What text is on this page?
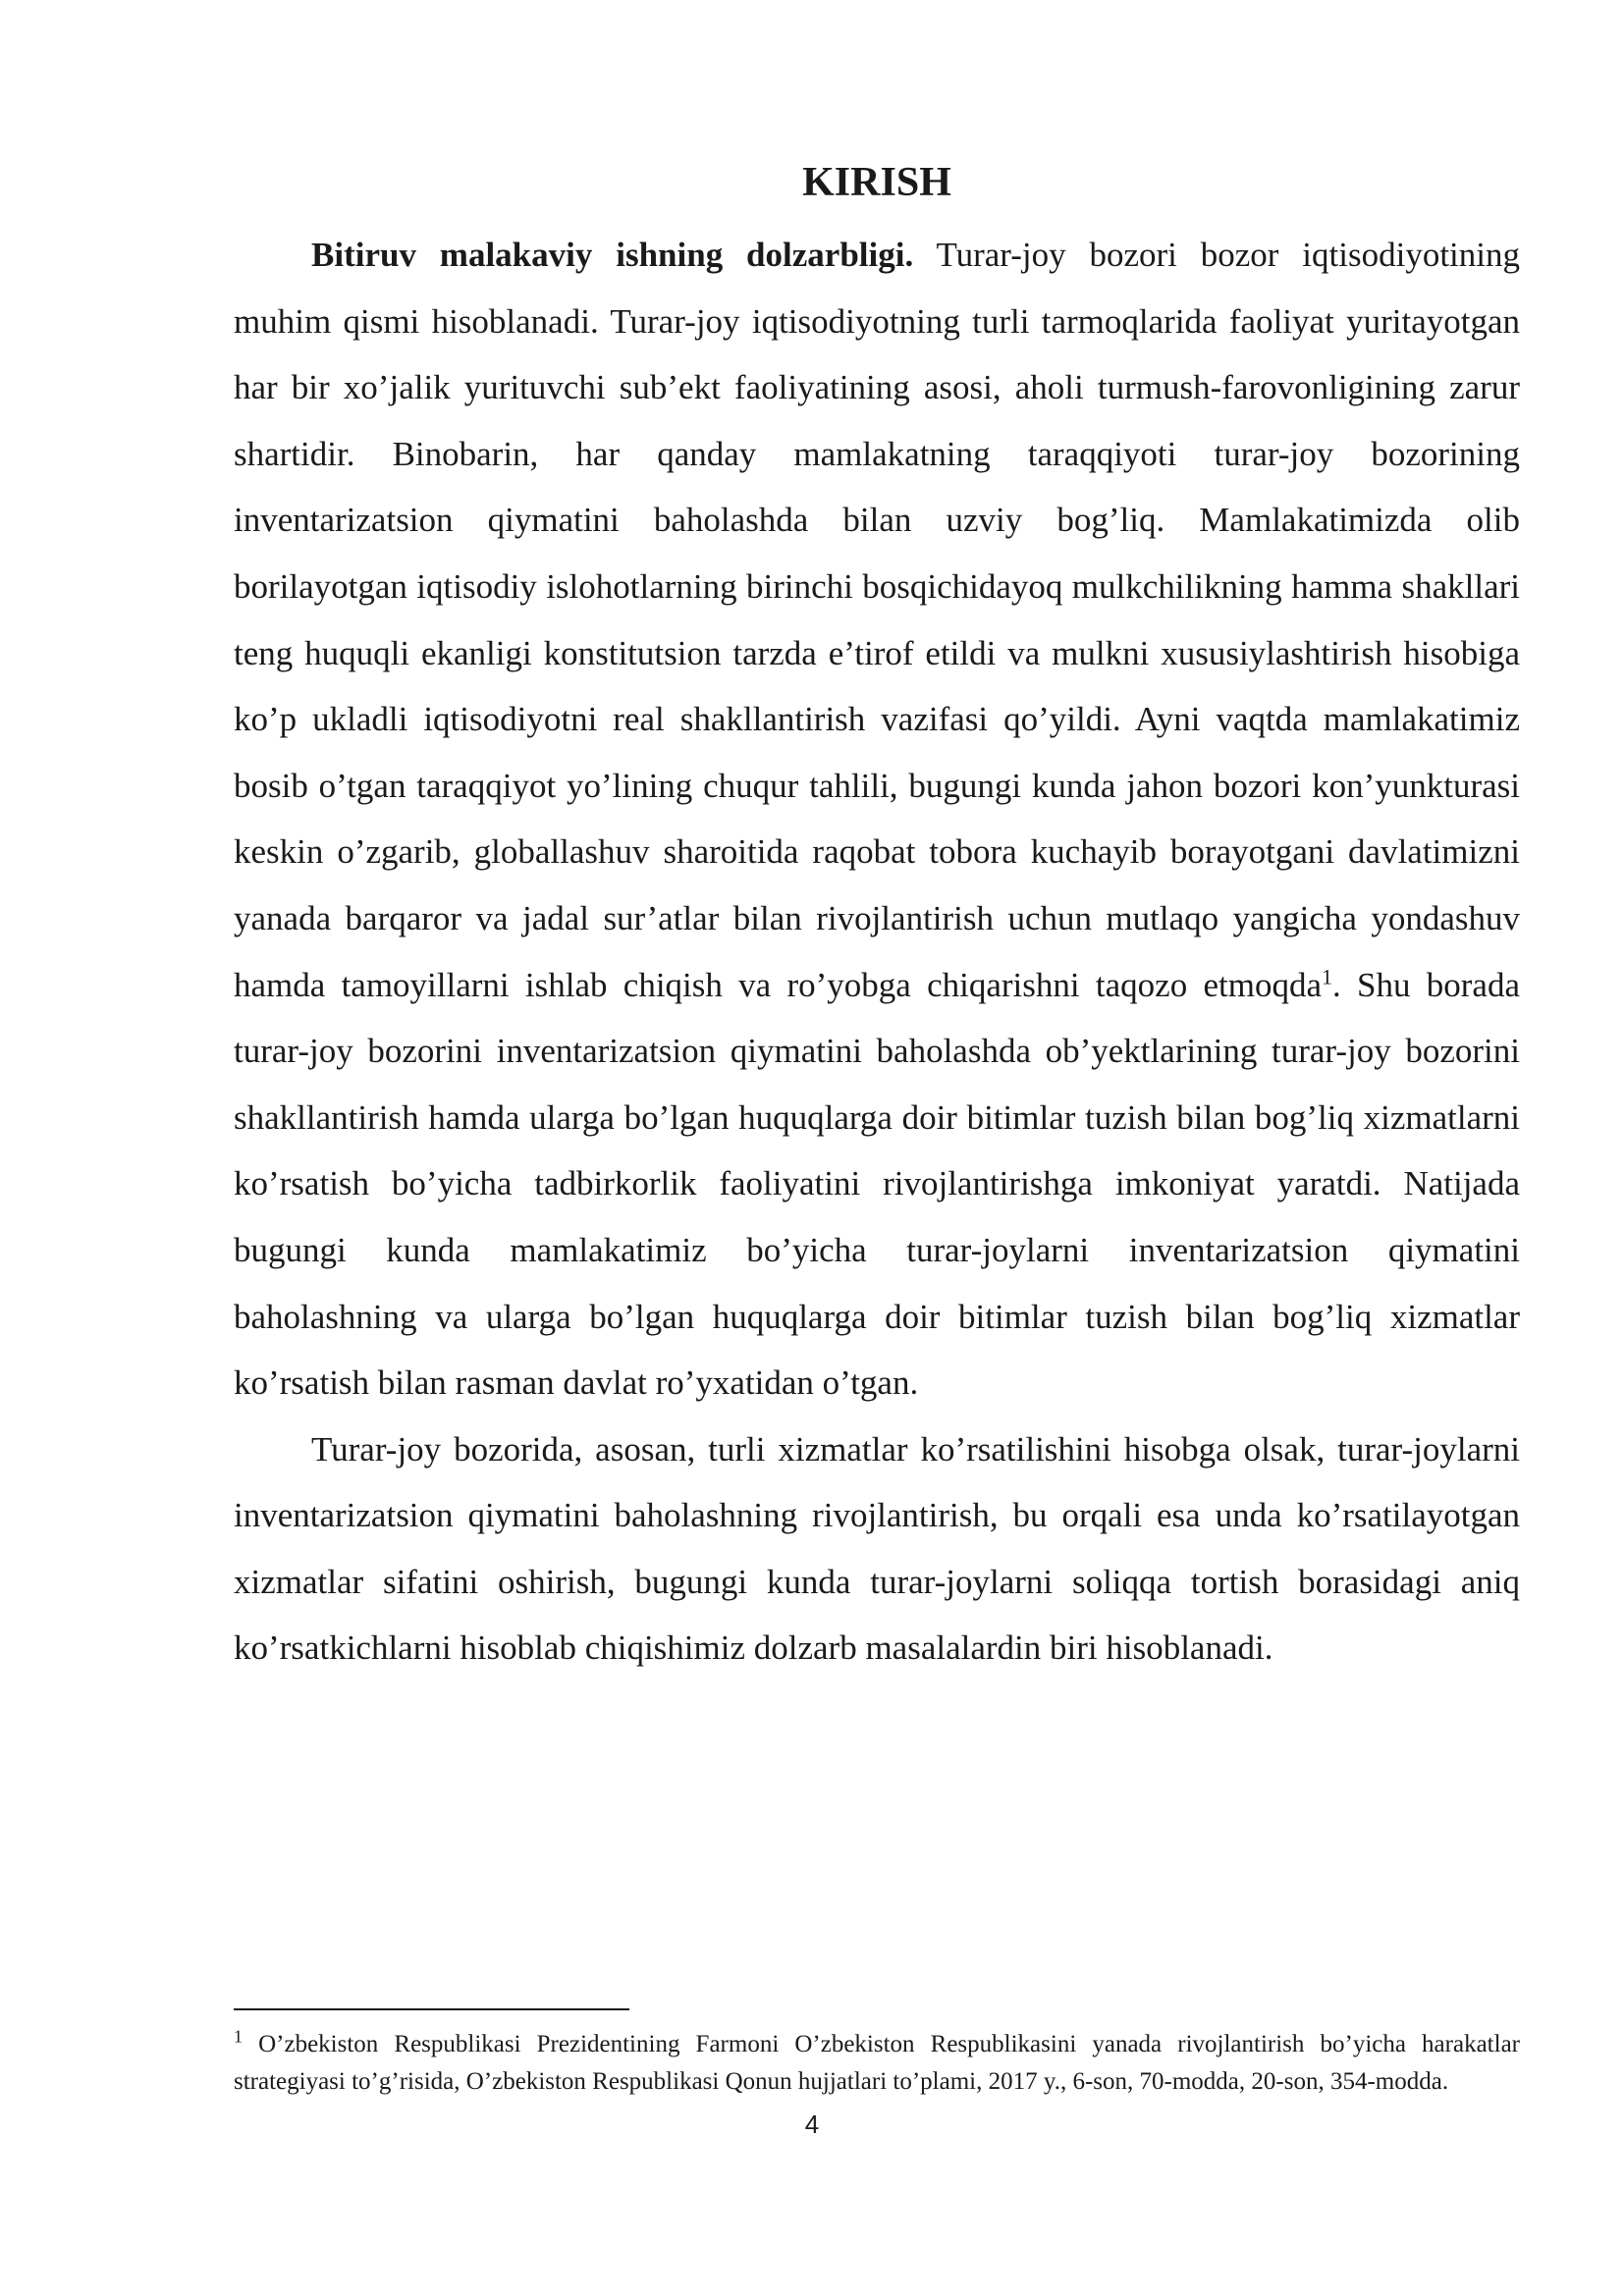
KIRISH

Bitiruv malakaviy ishning dolzarbligi. Turar-joy bozori bozor iqtisodiyotining muhim qismi hisoblanadi. Turar-joy iqtisodiyotning turli tarmoqlarida faoliyat yuritayotgan har bir xo’jalik yurituvchi sub’ekt faoliyatining asosi, aholi turmush-farovonligining zarur shartidir. Binobarin, har qanday mamlakatning taraqqiyoti turar-joy bozorining inventarizatsion qiymatini baholashda bilan uzviy bog’liq. Mamlakatimizda olib borilayotgan iqtisodiy islohotlarning birinchi bosqichidayoq mulkchilikning hamma shakllari teng huquqli ekanligi konstitutsion tarzda e’tirof etildi va mulkni xususiylashtirish hisobiga ko’p ukladli iqtisodiyotni real shakllantirish vazifasi qo’yildi. Ayni vaqtda mamlakatimiz bosib o’tgan taraqqiyot yo’lining chuqur tahlili, bugungi kunda jahon bozori kon’yunkturasi keskin o’zgarib, globallashuv sharoitida raqobat tobora kuchayib borayotgani davlatimizni yanada barqaror va jadal sur’atlar bilan rivojlantirish uchun mutlaqo yangicha yondashuv hamda tamoyillarni ishlab chiqish va ro’yobga chiqarishni taqozo etmoqda$^1$. Shu borada turar-joy bozorini inventarizatsion qiymatini baholashda ob’yektlarining turar-joy bozorini shakllantirish hamda ularga bo’lgan huquqlarga doir bitimlar tuzish bilan bog’liq xizmatlarni ko’rsatish bo’yicha tadbirkorlik faoliyatini rivojlantirishga imkoniyat yaratdi. Natijada bugungi kunda mamlakatimiz bo’yicha turar-joylarni inventarizatsion qiymatini baholashning va ularga bo’lgan huquqlarga doir bitimlar tuzish bilan bog’liq xizmatlar ko’rsatish bilan rasman davlat ro’yxatidan o’tgan.

Turar-joy bozorida, asosan, turli xizmatlar ko’rsatilishini hisobga olsak, turar-joylarni inventarizatsion qiymatini baholashning rivojlantirish, bu orqali esa unda ko’rsatilayotgan xizmatlar sifatini oshirish, bugungi kunda turar-joylarni soliqqa tortish borasidagi aniq ko’rsatkichlarni hisoblab chiqishimiz dolzarb masalalardin biri hisoblanadi.

$^1$ O’zbekiston Respublikasi Prezidentining Farmoni O’zbekiston Respublikasini yanada rivojlantirish bo’yicha harakatlar strategiyasi to’g’risida, O’zbekiston Respublikasi Qonun hujjatlari to’plami, 2017 y., 6-son, 70-modda, 20-son, 354-modda.

4
